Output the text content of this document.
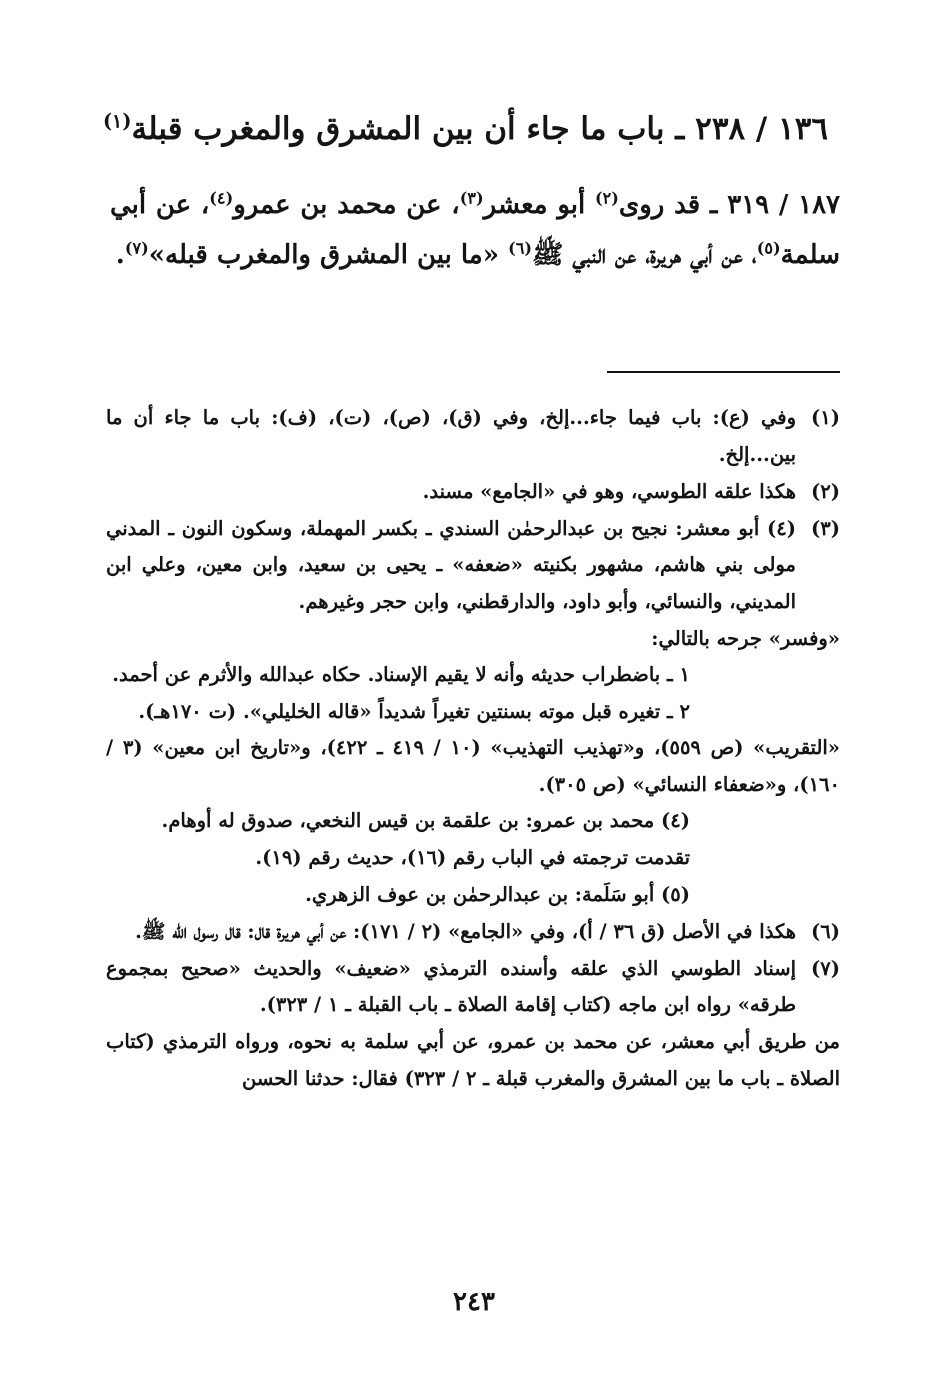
١٣٦ / ٢٣٨ ـ باب ما جاء أن بين المشرق والمغرب قبلة$^{(١)}$
١٨٧ / ٣١٩ ـ قد روى$^{(٢)}$ أبو معشر$^{(٣)}$، عن محمد بن عمرو$^{(٤)}$، عن أبي سلمة$^{(٥)}$، عن أبي هريرة، عن النبي ﷺ$^{(٦)}$ «ما بين المشرق والمغرب قبله»$^{(٧)}$.
(١)
وفي (ع): باب فيما جاء...إلخ، وفي (ق)، (ص)، (ت)، (ف): باب ما جاء أن ما بين...إلخ.
(٢)
هكذا علقه الطوسي، وهو في «الجامع» مسند.
(٣)
(٤) أبو معشر: نجيح بن عبدالرحمٰن السندي ـ بكسر المهملة، وسكون النون ـ المدني مولى بني هاشم، مشهور بكنيته «ضعفه» ـ يحيى بن سعيد، وابن معين، وعلي ابن المديني، والنسائي، وأبو داود، والدارقطني، وابن حجر وغيرهم.
«وفسر» جرحه بالتالي:
١ ـ باضطراب حديثه وأنه لا يقيم الإسناد. حكاه عبدالله والأثرم عن أحمد.
٢ ـ تغيره قبل موته بسنتين تغيراً شديداً «قاله الخليلي». (ت ١٧٠هـ).
«التقريب» (ص ٥٥٩)، و«تهذيب التهذيب» (١٠ / ٤١٩ ـ ٤٢٢)، و«تاريخ ابن معين» (٣ / ١٦٠)، و«ضعفاء النسائي» (ص ٣٠٥).
(٤) محمد بن عمرو: بن علقمة بن قيس النخعي، صدوق له أوهام.
تقدمت ترجمته في الباب رقم (١٦)، حديث رقم (١٩).
(٥) أبو سَلَمة: بن عبدالرحمٰن بن عوف الزهري.
(٦)
هكذا في الأصل (ق ٣٦ / أ)، وفي «الجامع» (٢ / ١٧١): عن أبي هريرة قال: قال رسول الله ﷺ.
(٧)
إسناد الطوسي الذي علقه وأسنده الترمذي «ضعيف» والحديث «صحيح بمجموع طرقه» رواه ابن ماجه (كتاب إقامة الصلاة ـ باب القبلة ـ ١ / ٣٢٣).
من طريق أبي معشر، عن محمد بن عمرو، عن أبي سلمة به نحوه، ورواه الترمذي (كتاب الصلاة ـ باب ما بين المشرق والمغرب قبلة ـ ٢ / ٣٢٣) فقال: حدثنا الحسن
٢٤٣
